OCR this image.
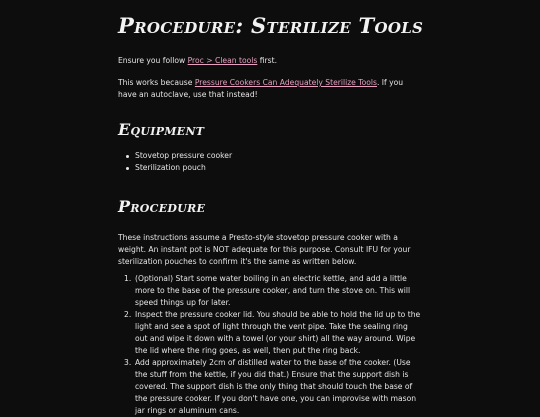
Procedure: Sterilize Tools

Ensure you follow Proc > Clean tools first.

This works because Pressure Cookers Can Adequately Sterilize Tools. If you have an autoclave, use that instead!

Equipment
Stovetop pressure cooker
Sterilization pouch
Procedure

These instructions assume a Presto-style stovetop pressure cooker with a weight. An instant pot is NOT adequate for this purpose. Consult IFU for your sterilization pouches to confirm it's the same as written below.

1. (Optional) Start some water boiling in an electric kettle, and add a little more to the base of the pressure cooker, and turn the stove on. This will speed things up for later.
2. Inspect the pressure cooker lid. You should be able to hold the lid up to the light and see a spot of light through the vent pipe. Take the sealing ring out and wipe it down with a towel (or your shirt) all the way around. Wipe the lid where the ring goes, as well, then put the ring back.
3. Add approximately 2cm of distilled water to the base of the cooker. (Use the stuff from the kettle, if you did that.) Ensure that the support dish is covered. The support dish is the only thing that should touch the base of the pressure cooker. If you don't have one, you can improvise with mason jar rings or aluminum cans.
